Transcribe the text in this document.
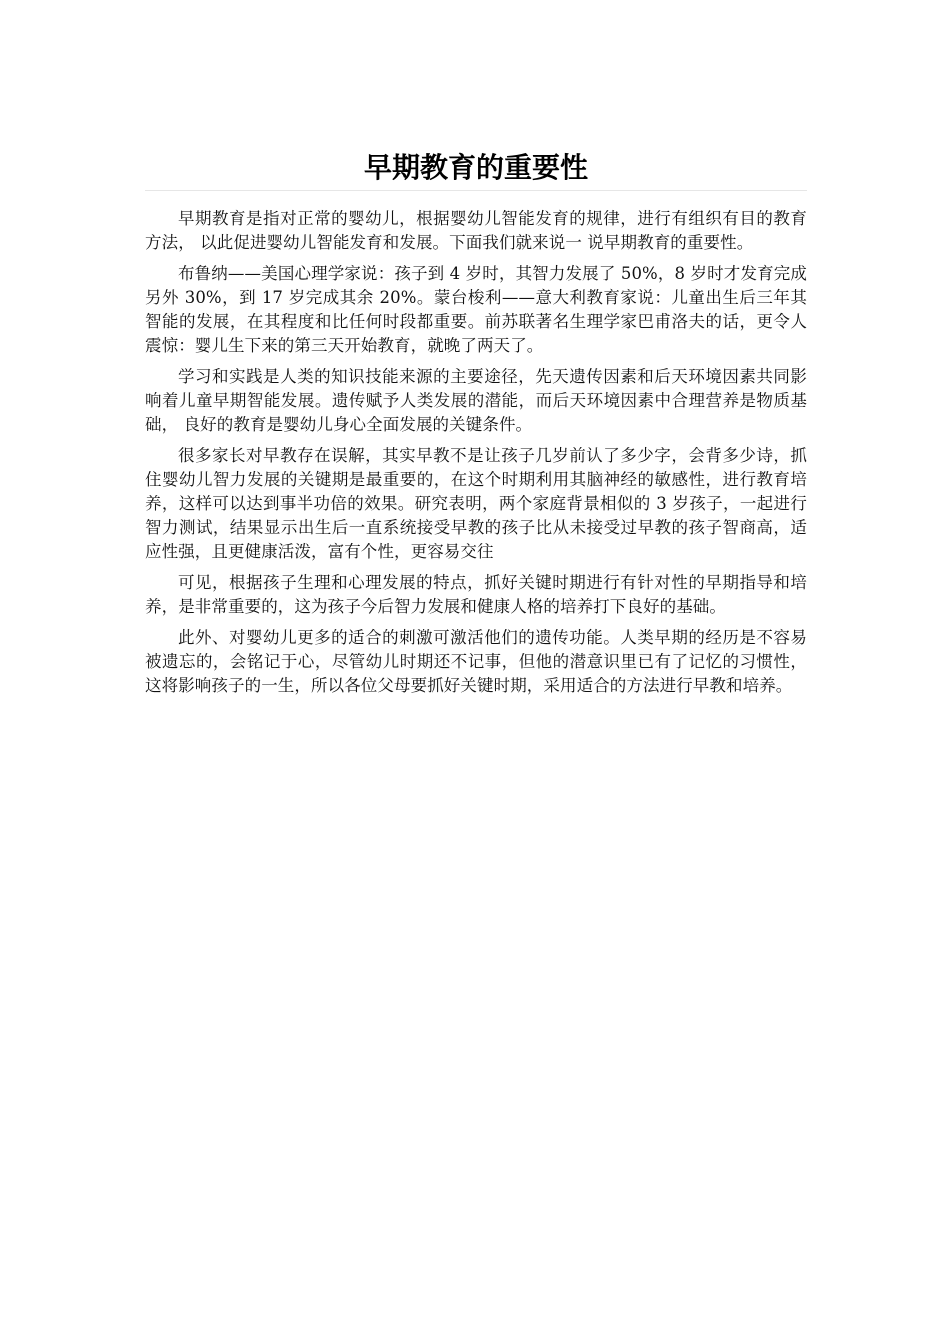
早期教育的重要性

早期教育是指对正常的婴幼儿，根据婴幼儿智能发育的规律，进行有组织有目的教育方法， 以此促进婴幼儿智能发育和发展。下面我们就来说一 说早期教育的重要性。

布鲁纳——美国心理学家说：孩子到 4 岁时，其智力发展了 50%，8 岁时才发育完成另外 30%，到 17 岁完成其余 20%。蒙台梭利——意大利教育家说：儿童出生后三年其智能的发展，在其程度和比任何时段都重要。前苏联著名生理学家巴甫洛夫的话，更令人震惊：婴儿生下来的第三天开始教育，就晚了两天了。

学习和实践是人类的知识技能来源的主要途径，先天遗传因素和后天环境因素共同影响着儿童早期智能发展。遗传赋予人类发展的潜能，而后天环境因素中合理营养是物质基础， 良好的教育是婴幼儿身心全面发展的关键条件。

很多家长对早教存在误解，其实早教不是让孩子几岁前认了多少字，会背多少诗，抓住婴幼儿智力发展的关键期是最重要的，在这个时期利用其脑神经的敏感性，进行教育培养，这样可以达到事半功倍的效果。研究表明，两个家庭背景相似的 3 岁孩子，一起进行智力测试，结果显示出生后一直系统接受早教的孩子比从未接受过早教的孩子智商高，适应性强，且更健康活泼，富有个性，更容易交往

可见，根据孩子生理和心理发展的特点，抓好关键时期进行有针对性的早期指导和培养，是非常重要的，这为孩子今后智力发展和健康人格的培养打下良好的基础。

此外、对婴幼儿更多的适合的刺激可激活他们的遗传功能。人类早期的经历是不容易被遗忘的，会铭记于心，尽管幼儿时期还不记事，但他的潜意识里已有了记忆的习惯性，这将影响孩子的一生，所以各位父母要抓好关键时期，采用适合的方法进行早教和培养。
